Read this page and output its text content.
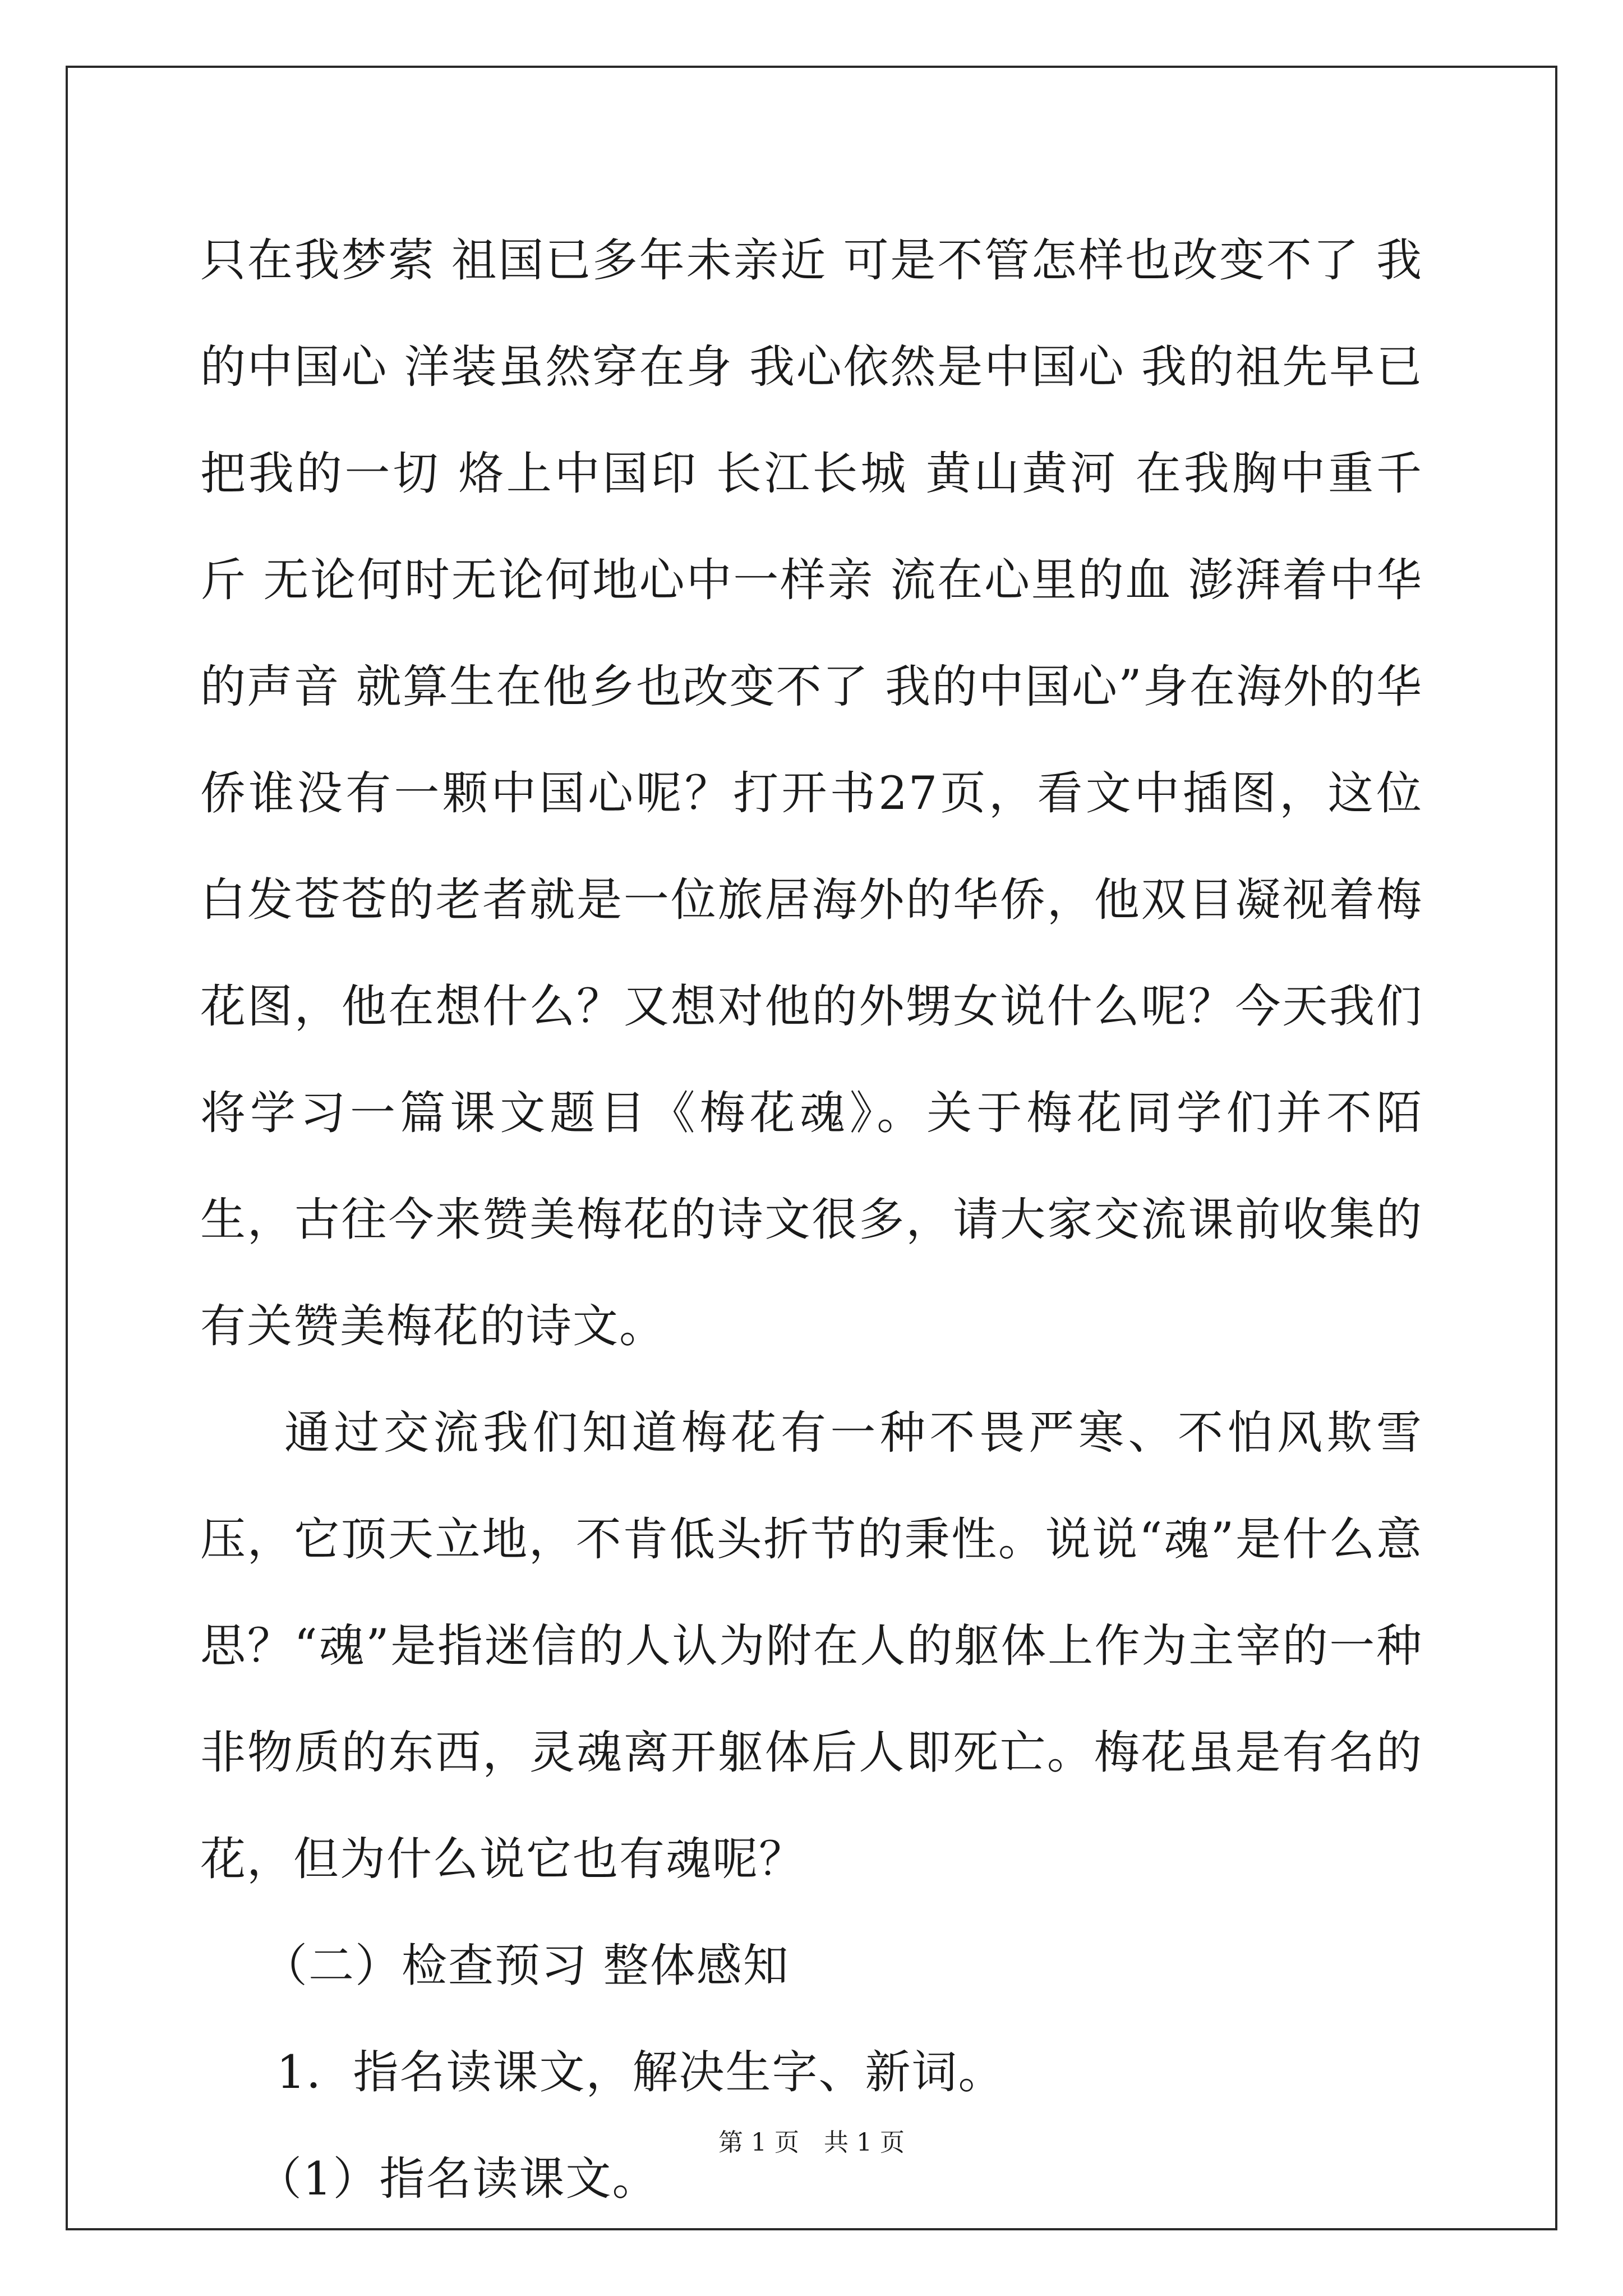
只在我梦萦 祖国已多年未亲近 可是不管怎样也改变不了 我的中国心 洋装虽然穿在身 我心依然是中国心 我的祖先早已把我的一切 烙上中国印 长江长城 黄山黄河 在我胸中重千斤 无论何时无论何地心中一样亲 流在心里的血 澎湃着中华的声音 就算生在他乡也改变不了 我的中国心”身在海外的华侨谁没有一颗中国心呢？打开书27页，看文中插图，这位白发苍苍的老者就是一位旅居海外的华侨，他双目凝视着梅花图，他在想什么？又想对他的外甥女说什么呢？今天我们将学习一篇课文题目《梅花魂》。关于梅花同学们并不陌生，古往今来赞美梅花的诗文很多，请大家交流课前收集的有关赞美梅花的诗文。

通过交流我们知道梅花有一种不畏严寒、不怕风欺雪压，它顶天立地，不肯低头折节的秉性。说说“魂”是什么意思？“魂”是指迷信的人认为附在人的躯体上作为主宰的一种非物质的东西，灵魂离开躯体后人即死亡。梅花虽是有名的花，但为什么说它也有魂呢？

（二）检查预习 整体感知

1．指名读课文，解决生字、新词。

（1）指名读课文。

第 1 页　共 1 页
